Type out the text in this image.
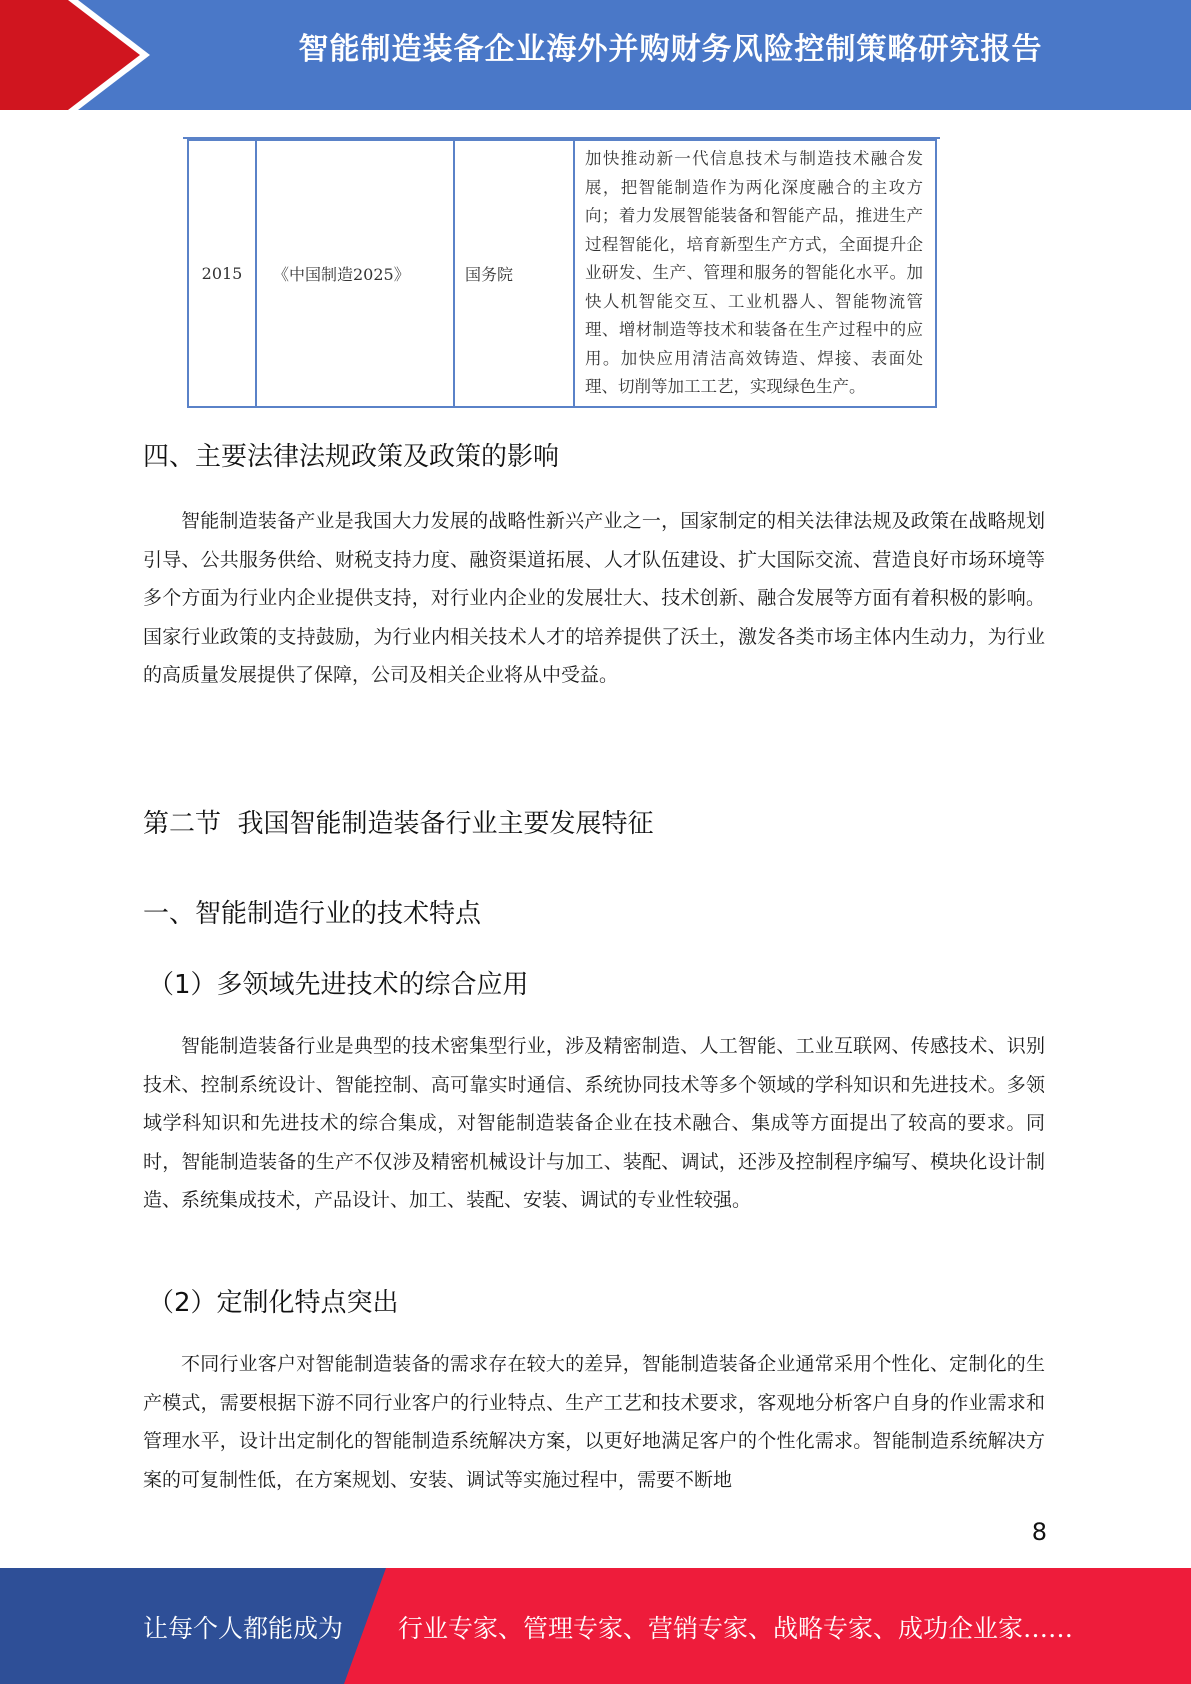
智能制造装备企业海外并购财务风险控制策略研究报告
2015	《中国制造2025》	国务院	加快推动新一代信息技术与制造技术融合发展，把智能制造作为两化深度融合的主攻方向；着力发展智能装备和智能产品，推进生产过程智能化，培育新型生产方式，全面提升企业研发、生产、管理和服务的智能化水平。加快人机智能交互、工业机器人、智能物流管理、增材制造等技术和装备在生产过程中的应用。加快应用清洁高效铸造、焊接、表面处理、切削等加工工艺，实现绿色生产。
四、主要法律法规政策及政策的影响

智能制造装备产业是我国大力发展的战略性新兴产业之一，国家制定的相关法律法规及政策在战略规划引导、公共服务供给、财税支持力度、融资渠道拓展、人才队伍建设、扩大国际交流、营造良好市场环境等多个方面为行业内企业提供支持，对行业内企业的发展壮大、技术创新、融合发展等方面有着积极的影响。国家行业政策的支持鼓励，为行业内相关技术人才的培养提供了沃土，激发各类市场主体内生动力，为行业的高质量发展提供了保障，公司及相关企业将从中受益。

第二节  我国智能制造装备行业主要发展特征
一、智能制造行业的技术特点
（1）多领域先进技术的综合应用

智能制造装备行业是典型的技术密集型行业，涉及精密制造、人工智能、工业互联网、传感技术、识别技术、控制系统设计、智能控制、高可靠实时通信、系统协同技术等多个领域的学科知识和先进技术。多领域学科知识和先进技术的综合集成，对智能制造装备企业在技术融合、集成等方面提出了较高的要求。同时，智能制造装备的生产不仅涉及精密机械设计与加工、装配、调试，还涉及控制程序编写、模块化设计制造、系统集成技术，产品设计、加工、装配、安装、调试的专业性较强。

（2）定制化特点突出

不同行业客户对智能制造装备的需求存在较大的差异，智能制造装备企业通常采用个性化、定制化的生产模式，需要根据下游不同行业客户的行业特点、生产工艺和技术要求，客观地分析客户自身的作业需求和管理水平，设计出定制化的智能制造系统解决方案，以更好地满足客户的个性化需求。智能制造系统解决方案的可复制性低，在方案规划、安装、调试等实施过程中，需要不断地

8
让每个人都能成为 行业专家、管理专家、营销专家、战略专家、成功企业家……
